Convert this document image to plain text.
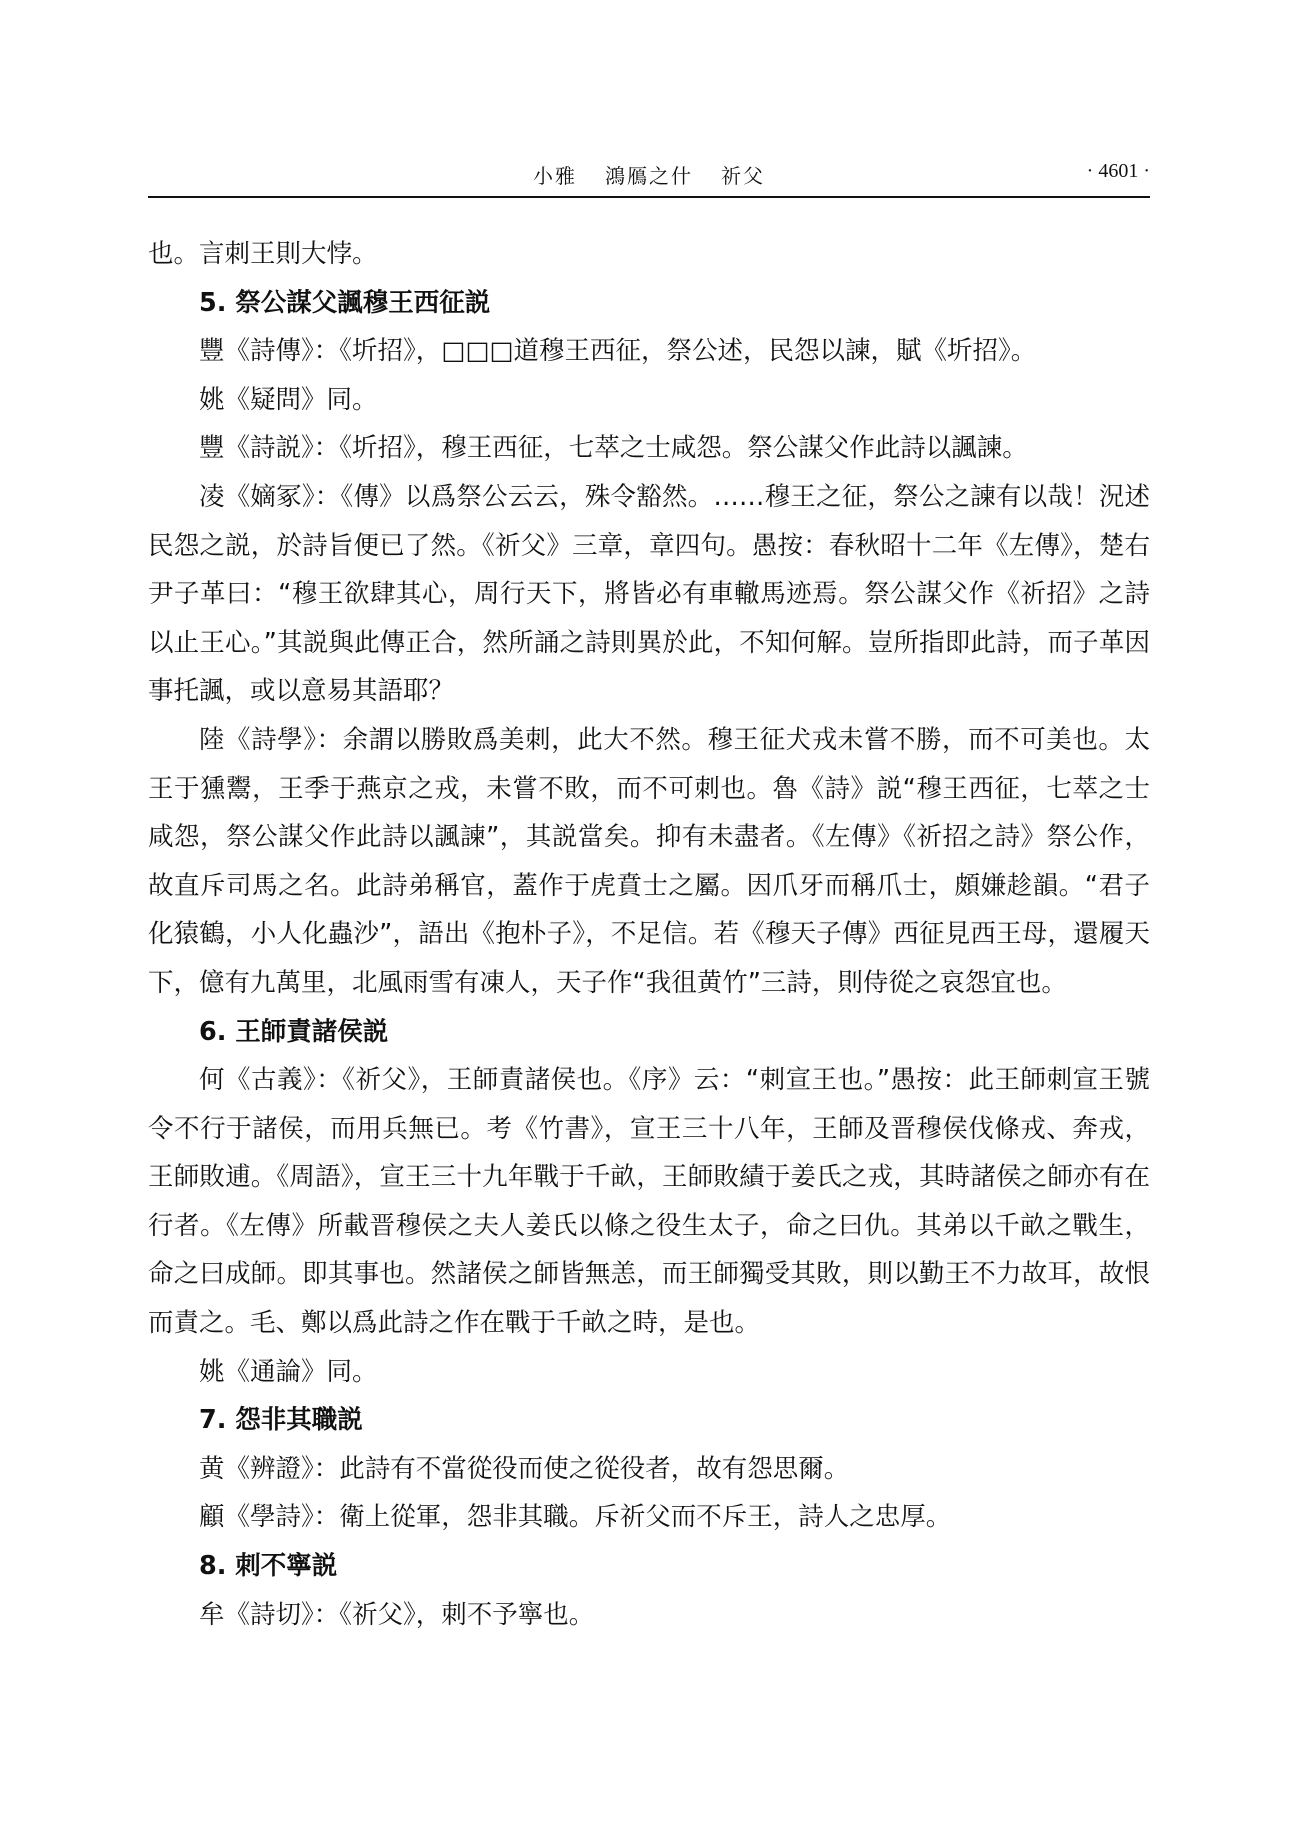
小雅 鴻鴈之什 祈父	· 4601 ·

也。言刺王則大悖。

5. 祭公謀父諷穆王西征説

豐《詩傳》：《圻招》，□□□道穆王西征，祭公述，民怨以諫，賦《圻招》。

姚《疑問》同。

豐《詩説》：《圻招》，穆王西征，七萃之士咸怨。祭公謀父作此詩以諷諫。

凌《嫡冢》：《傳》以爲祭公云云，殊令豁然。……穆王之征，祭公之諫有以哉！況述民怨之説，於詩旨便已了然。《祈父》三章，章四句。愚按：春秋昭十二年《左傳》，楚右尹子革曰：“穆王欲肆其心，周行天下，將皆必有車轍馬迹焉。祭公謀父作《祈招》之詩以止王心。”其説與此傳正合，然所誦之詩則異於此，不知何解。豈所指即此詩，而子革因事托諷，或以意易其語耶？

陸《詩學》：余謂以勝敗爲美刺，此大不然。穆王征犬戎未嘗不勝，而不可美也。太王于獯鬻，王季于燕京之戎，未嘗不敗，而不可刺也。魯《詩》説“穆王西征，七萃之士咸怨，祭公謀父作此詩以諷諫”，其説當矣。抑有未盡者。《左傳》《祈招之詩》祭公作，故直斥司馬之名。此詩弟稱官，蓋作于虎賁士之屬。因爪牙而稱爪士，頗嫌趁韻。“君子化猿鶴，小人化蟲沙”，語出《抱朴子》，不足信。若《穆天子傳》西征見西王母，還履天下，億有九萬里，北風雨雪有凍人，天子作“我徂黄竹”三詩，則侍從之哀怨宜也。

6. 王師責諸侯説

何《古義》：《祈父》，王師責諸侯也。《序》云：“刺宣王也。”愚按：此王師刺宣王號令不行于諸侯，而用兵無已。考《竹書》，宣王三十八年，王師及晋穆侯伐條戎、奔戎，王師敗逋。《周語》，宣王三十九年戰于千畝，王師敗績于姜氏之戎，其時諸侯之師亦有在行者。《左傳》所載晋穆侯之夫人姜氏以條之役生太子，命之曰仇。其弟以千畝之戰生，命之曰成師。即其事也。然諸侯之師皆無恙，而王師獨受其敗，則以勤王不力故耳，故恨而責之。毛、鄭以爲此詩之作在戰于千畝之時，是也。

姚《通論》同。

7. 怨非其職説

黄《辨證》：此詩有不當從役而使之從役者，故有怨思爾。

顧《學詩》：衛上從軍，怨非其職。斥祈父而不斥王，詩人之忠厚。

8. 刺不寧説

牟《詩切》：《祈父》，刺不予寧也。
